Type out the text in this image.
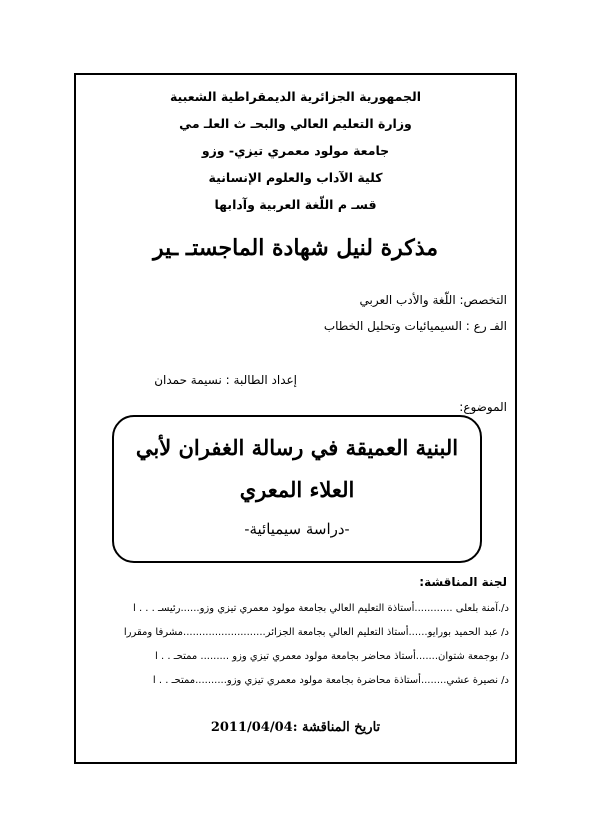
الجمهورية الجزائرية الديمقراطية الشعبية
وزارة التعليم العالي والبحـ ث العلـ مي
جامعة مولود معمري تيزي- وزو
كلية الآداب والعلوم الإنسانية
قسـ م اللّغة العربية وآدابها
مذكرة لنيل شهادة الماجستـ ـير
التخصص: اللّغة والأدب العربي
الفـ رع : السيميائيات وتحليل الخطاب
إعداد الطالبة : نسيمة حمدان
الموضوع:
البنية العميقة في رسالة الغفران لأبي
العلاء المعري
-دراسة سيميائية-
لجنة المناقشة:
د/.آمنة بلعلى ............أستاذة التعليم العالي بجامعة مولود معمري تيزي وزو......رئيسـ . . . ا
د/ عبد الحميد بورايو......أستاذ التعليم العالي بجامعة الجزائر..........................مشرفا ومقررا
د/ بوجمعة شتوان.......أستاذ محاضر بجامعة مولود معمري تيزي وزو ......... ممتحـ . . ا
د/ نصيرة عشي........أستاذة محاضرة بجامعة مولود معمري تيزي وزو..........ممتحـ . . ا
تاريخ المناقشة :2011/04/04
